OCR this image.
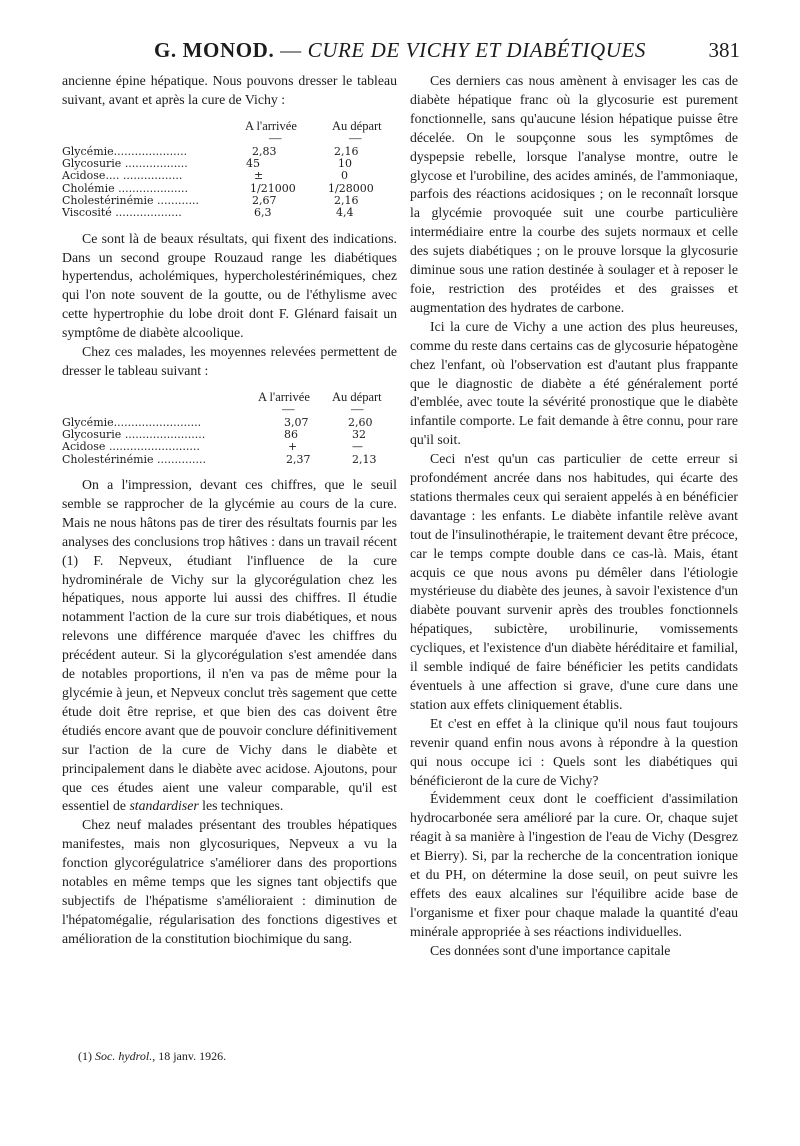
G. MONOD. — CURE DE VICHY ET DIABÉTIQUES	381

ancienne épine hépatique. Nous pouvons dresser le tableau suivant, avant et après la cure de Vichy :

A l'arrivée	Au départ
—	—
Glycémie.....................	2,83	2,16
Glycosurie ..................	45	10
Acidose.... .................	±	0
Cholémie ....................	1/21000	1/28000
Cholestérinémie ............	2,67	2,16
Viscosité ...................	6,3	4,4

Ce sont là de beaux résultats, qui fixent des indications. Dans un second groupe Rouzaud range les diabétiques hypertendus, acholémiques, hypercholestérinémiques, chez qui l'on note souvent de la goutte, ou de l'éthylisme avec cette hypertrophie du lobe droit dont F. Glénard faisait un symptôme de diabète alcoolique.

Chez ces malades, les moyennes relevées permettent de dresser le tableau suivant :

A l'arrivée Au départ
—	—
Glycémie.........................	3,07	2,60
Glycosurie .......................	86	32
Acidose ..........................	+	—
Cholestérinémie ..............	2,37	2,13

On a l'impression, devant ces chiffres, que le seuil semble se rapprocher de la glycémie au cours de la cure. Mais ne nous hâtons pas de tirer des résultats fournis par les analyses des conclusions trop hâtives : dans un travail récent (1) F. Nepveux, étudiant l'influence de la cure hydrominérale de Vichy sur la glycorégulation chez les hépatiques, nous apporte lui aussi des chiffres. Il étudie notamment l'action de la cure sur trois diabétiques, et nous relevons une différence marquée d'avec les chiffres du précédent auteur. Si la glycorégulation s'est amendée dans de notables proportions, il n'en va pas de même pour la glycémie à jeun, et Nepveux conclut très sagement que cette étude doit être reprise, et que bien des cas doivent être étudiés encore avant que de pouvoir conclure définitivement sur l'action de la cure de Vichy dans le diabète et principalement dans le diabète avec acidose. Ajoutons, pour que ces études aient une valeur comparable, qu'il est essentiel de standardiser les techniques.

Chez neuf malades présentant des troubles hépatiques manifestes, mais non glycosuriques, Nepveux a vu la fonction glycorégulatrice s'améliorer dans des proportions notables en même temps que les signes tant objectifs que subjectifs de l'hépatisme s'amélioraient : diminution de l'hépatomégalie, régularisation des fonctions digestives et amélioration de la constitution biochimique du sang.

(1) Soc. hydrol., 18 janv. 1926.

Ces derniers cas nous amènent à envisager les cas de diabète hépatique franc où la glycosurie est purement fonctionnelle, sans qu'aucune lésion hépatique puisse être décelée. On le soupçonne sous les symptômes de dyspepsie rebelle, lorsque l'analyse montre, outre le glycose et l'urobiline, des acides aminés, de l'ammoniaque, parfois des réactions acidosiques ; on le reconnaît lorsque la glycémie provoquée suit une courbe particulière intermédiaire entre la courbe des sujets normaux et celle des sujets diabétiques ; on le prouve lorsque la glycosurie diminue sous une ration destinée à soulager et à reposer le foie, restriction des protéides et des graisses et augmentation des hydrates de carbone.

Ici la cure de Vichy a une action des plus heureuses, comme du reste dans certains cas de glycosurie hépatogène chez l'enfant, où l'observation est d'autant plus frappante que le diagnostic de diabète a été généralement porté d'emblée, avec toute la sévérité pronostique que le diabète infantile comporte. Le fait demande à être connu, pour rare qu'il soit.

Ceci n'est qu'un cas particulier de cette erreur si profondément ancrée dans nos habitudes, qui écarte des stations thermales ceux qui seraient appelés à en bénéficier davantage : les enfants. Le diabète infantile relève avant tout de l'insulinothérapie, le traitement devant être précoce, car le temps compte double dans ce cas-là. Mais, étant acquis ce que nous avons pu démêler dans l'étiologie mystérieuse du diabète des jeunes, à savoir l'existence d'un diabète pouvant survenir après des troubles fonctionnels hépatiques, subictère, urobilinurie, vomissements cycliques, et l'existence d'un diabète héréditaire et familial, il semble indiqué de faire bénéficier les petits candidats éventuels à une affection si grave, d'une cure dans une station aux effets cliniquement établis.

Et c'est en effet à la clinique qu'il nous faut toujours revenir quand enfin nous avons à répondre à la question qui nous occupe ici : Quels sont les diabétiques qui bénéficieront de la cure de Vichy?

Évidemment ceux dont le coefficient d'assimilation hydrocarbonée sera amélioré par la cure. Or, chaque sujet réagit à sa manière à l'ingestion de l'eau de Vichy (Desgrez et Bierry). Si, par la recherche de la concentration ionique et du PH, on détermine la dose seuil, on peut suivre les effets des eaux alcalines sur l'équilibre acide base de l'organisme et fixer pour chaque malade la quantité d'eau minérale appropriée à ses réactions individuelles.

Ces données sont d'une importance capitale
